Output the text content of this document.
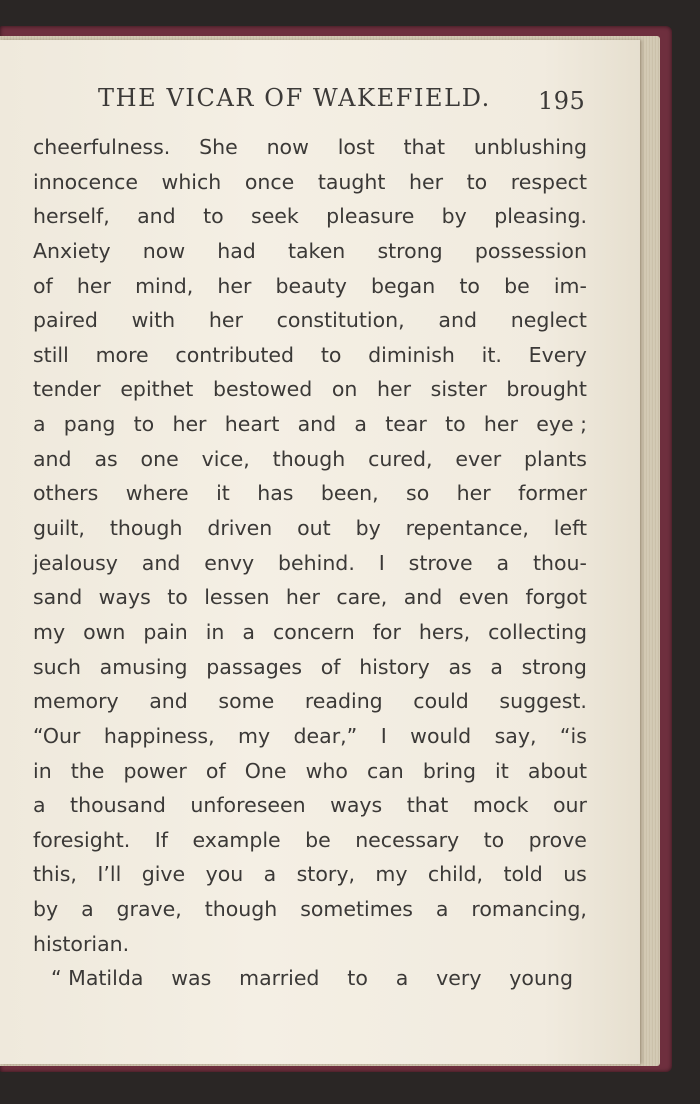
THE VICAR OF WAKEFIELD. 195
cheerfulness. She now lost that unblushing
innocence which once taught her to respect
herself, and to seek pleasure by pleasing.
Anxiety now had taken strong possession
of her mind, her beauty began to be im-
paired with her constitution, and neglect
still more contributed to diminish it. Every
tender epithet bestowed on her sister brought
a pang to her heart and a tear to her eye ;
and as one vice, though cured, ever plants
others where it has been, so her former
guilt, though driven out by repentance, left
jealousy and envy behind. I strove a thou-
sand ways to lessen her care, and even forgot
my own pain in a concern for hers, collecting
such amusing passages of history as a strong
memory and some reading could suggest.
“Our happiness, my dear,” I would say, “is
in the power of One who can bring it about
a thousand unforeseen ways that mock our
foresight. If example be necessary to prove
this, I’ll give you a story, my child, told us
by a grave, though sometimes a romancing,
historian.
“ Matilda was married to a very young
